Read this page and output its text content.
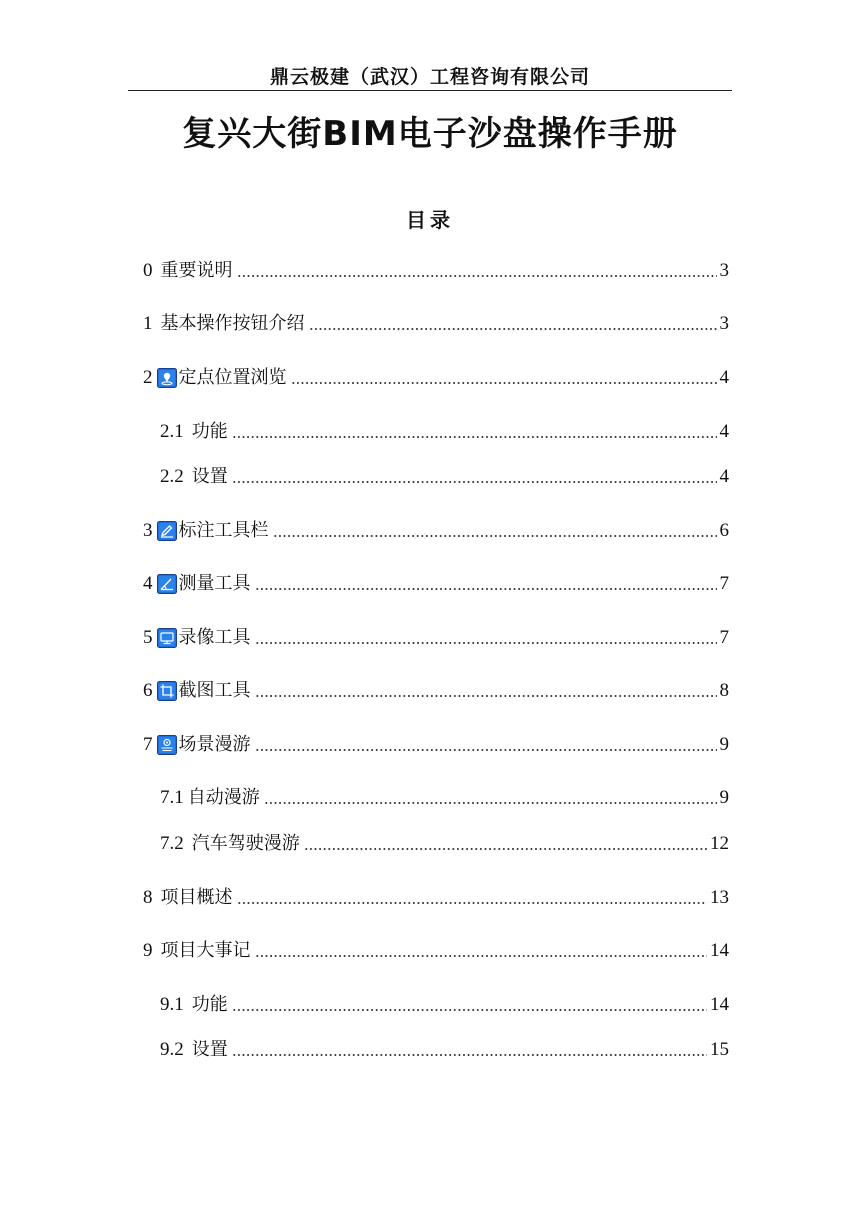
鼎云极建（武汉）工程咨询有限公司
复兴大街BIM电子沙盘操作手册
目录
0 重要说明	3
1 基本操作按钮介绍	3
2 定点位置浏览	4
2.1 功能	4
2.2 设置	4
3 标注工具栏	6
4 测量工具	7
5 录像工具	7
6 截图工具	8
7 场景漫游	9
7.1 自动漫游	9
7.2 汽车驾驶漫游	12
8 项目概述	13
9 项目大事记	14
9.1 功能	14
9.2 设置	15
